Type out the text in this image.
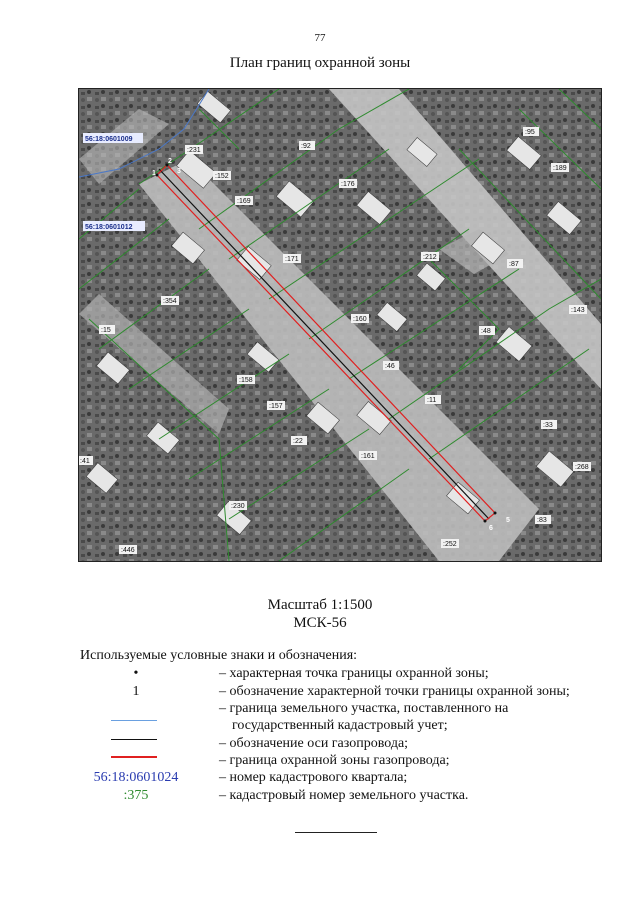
77
План границ охранной зоны
56:18:0601009
56:18:0601012
:231
:152
:169
:176
:95
:189
:171	:212
:87
:354
:160
:48
:143
:15
:158
:46
:11
:157
:33
:22
:161
:41
:268
:230
:83
:446
:252
:92
2
1	3
5
6
Масштаб 1:1500
МСК-56
Используемые условные знаки и обозначения:
•	– характерная точка границы охранной зоны;
1	– обозначение характерной точки границы охранной зоны;
– граница земельного участка, поставленного на
государственный кадастровый учет;
– обозначение оси газопровода;
– граница охранной зоны газопровода;
56:18:0601024	– номер кадастрового квартала;
:375	– кадастровый номер земельного участка.
